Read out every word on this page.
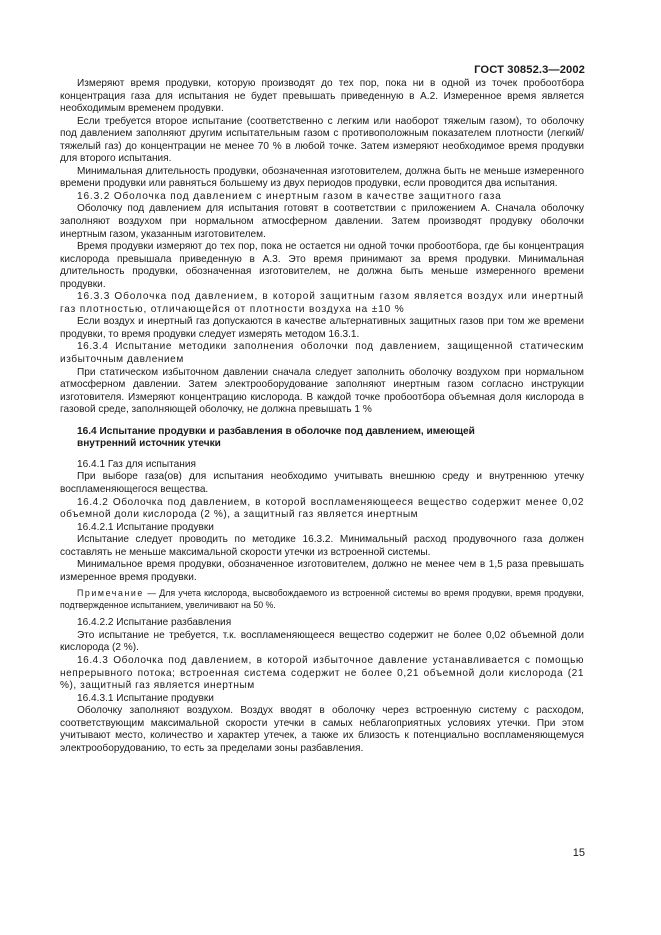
ГОСТ 30852.3—2002

Измеряют время продувки, которую производят до тех пор, пока ни в одной из точек пробоотбора концентрация газа для испытания не будет превышать приведенную в А.2. Измеренное время является необходимым временем продувки.

Если требуется второе испытание (соответственно с легким или наоборот тяжелым газом), то оболочку под давлением заполняют другим испытательным газом с противоположным показателем плотности (легкий/тяжелый газ) до концентрации не менее 70 % в любой точке. Затем измеряют необходимое время продувки для второго испытания.

Минимальная длительность продувки, обозначенная изготовителем, должна быть не меньше измеренного времени продувки или равняться большему из двух периодов продувки, если проводится два испытания.

16.3.2 Оболочка под давлением с инертным газом в качестве защитного газа

Оболочку под давлением для испытания готовят в соответствии с приложением А. Сначала оболочку заполняют воздухом при нормальном атмосферном давлении. Затем производят продувку оболочки инертным газом, указанным изготовителем.

Время продувки измеряют до тех пор, пока не остается ни одной точки пробоотбора, где бы концентрация кислорода превышала приведенную в А.3. Это время принимают за время продувки. Минимальная длительность продувки, обозначенная изготовителем, не должна быть меньше измеренного времени продувки.

16.3.3 Оболочка под давлением, в которой защитным газом является воздух или инертный газ плотностью, отличающейся от плотности воздуха на ±10 %

Если воздух и инертный газ допускаются в качестве альтернативных защитных газов при том же времени продувки, то время продувки следует измерять методом 16.3.1.

16.3.4 Испытание методики заполнения оболочки под давлением, защищенной статическим избыточным давлением

При статическом избыточном давлении сначала следует заполнить оболочку воздухом при нормальном атмосферном давлении. Затем электрооборудование заполняют инертным газом согласно инструкции изготовителя. Измеряют концентрацию кислорода. В каждой точке пробоотбора объемная доля кислорода в газовой среде, заполняющей оболочку, не должна превышать 1 %

16.4 Испытание продувки и разбавления в оболочке под давлением, имеющей
внутренний источник утечки

16.4.1 Газ для испытания

При выборе газа(ов) для испытания необходимо учитывать внешнюю среду и внутреннюю утечку воспламеняющегося вещества.

16.4.2 Оболочка под давлением, в которой воспламеняющееся вещество содержит менее 0,02 объемной доли кислорода (2 %), а защитный газ является инертным

16.4.2.1 Испытание продувки

Испытание следует проводить по методике 16.3.2. Минимальный расход продувочного газа должен составлять не меньше максимальной скорости утечки из встроенной системы.

Минимальное время продувки, обозначенное изготовителем, должно не менее чем в 1,5 раза превышать измеренное время продувки.

Примечание — Для учета кислорода, высвобождаемого из встроенной системы во время продувки, время продувки, подтвержденное испытанием, увеличивают на 50 %.

16.4.2.2 Испытание разбавления

Это испытание не требуется, т.к. воспламеняющееся вещество содержит не более 0,02 объемной доли кислорода (2 %).

16.4.3 Оболочка под давлением, в которой избыточное давление устанавливается с помощью непрерывного потока; встроенная система содержит не более 0,21 объемной доли кислорода (21 %), защитный газ является инертным

16.4.3.1 Испытание продувки

Оболочку заполняют воздухом. Воздух вводят в оболочку через встроенную систему с расходом, соответствующим максимальной скорости утечки в самых неблагоприятных условиях утечки. При этом учитывают место, количество и характер утечек, а также их близость к потенциально воспламеняющемуся электрооборудованию, то есть за пределами зоны разбавления.

15
